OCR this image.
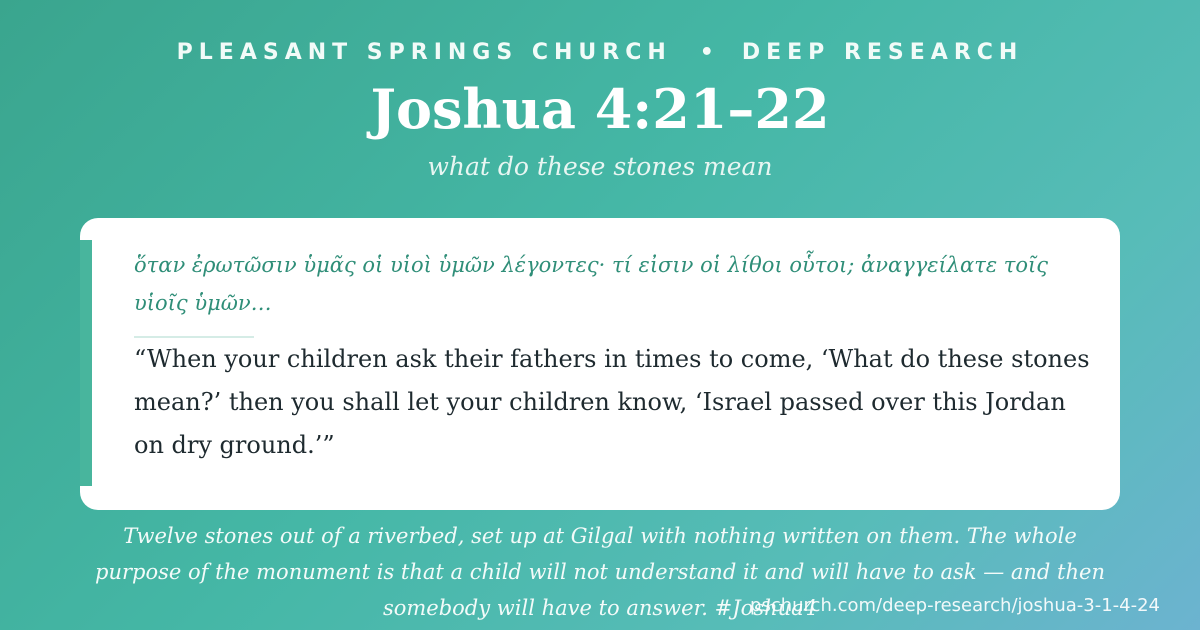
PLEASANT SPRINGS CHURCH • DEEP RESEARCH
Joshua 4:21–22
what do these stones mean
ὅταν ἐρωτῶσιν ὑμᾶς οἱ υἱοὶ ὑμῶν λέγοντες· τί εἰσιν οἱ λίθοι οὗτοι; ἀναγγείλατε τοῖς υἱοῖς ὑμῶν…
“When your children ask their fathers in times to come, ‘What do these stones mean?’ then you shall let your children know, ‘Israel passed over this Jordan on dry ground.’”
Twelve stones out of a riverbed, set up at Gilgal with nothing written on them. The whole purpose of the monument is that a child will not understand it and will have to ask — and then somebody will have to answer. #Joshua4
pschurch.com/deep-research/joshua-3-1-4-24
